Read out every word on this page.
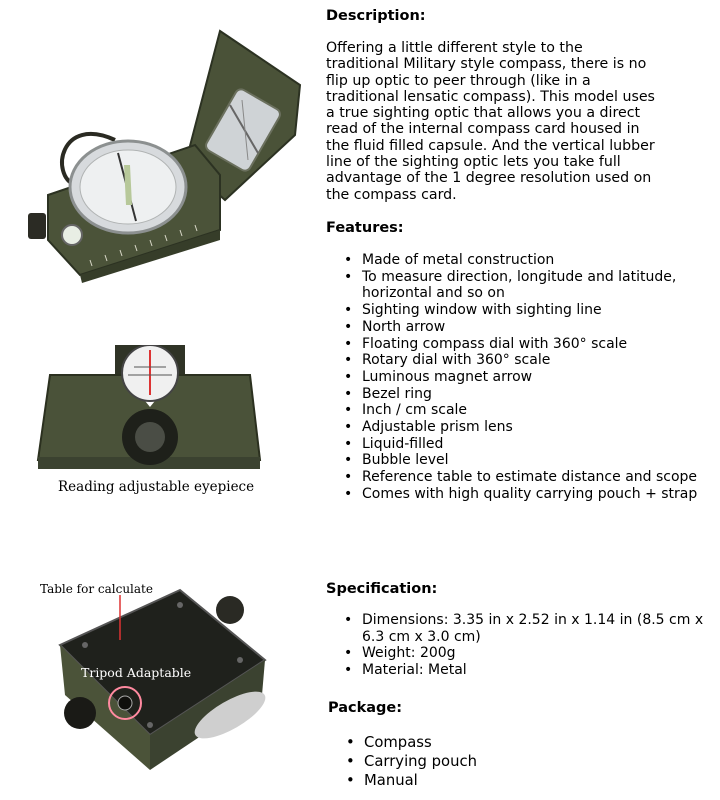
Reading adjustable eyepiece
Table for calculate
Tripod Adaptable
Description:
Offering a little different style to the
traditional Military style compass, there is no
flip up optic to peer through (like in a
traditional lensatic compass). This model uses
a true sighting optic that allows you a direct
read of the internal compass card housed in
the fluid filled capsule. And the vertical lubber
line of the sighting optic lets you take full
advantage of the 1 degree resolution used on
the compass card.
Features:
• Made of metal construction
• To measure direction, longitude and latitude, horizontal and so on
• Sighting window with sighting line
• North arrow
• Floating compass dial with 360° scale
• Rotary dial with 360° scale
• Luminous magnet arrow
• Bezel ring
• Inch / cm scale
• Adjustable prism lens
• Liquid-filled
• Bubble level
• Reference table to estimate distance and scope
• Comes with high quality carrying pouch + strap
Specification:
• Dimensions: 3.35 in x 2.52 in x 1.14 in (8.5 cm x 6.3 cm x 3.0 cm)
• Weight: 200g
• Material: Metal
Package:
• Compass
• Carrying pouch
• Manual
